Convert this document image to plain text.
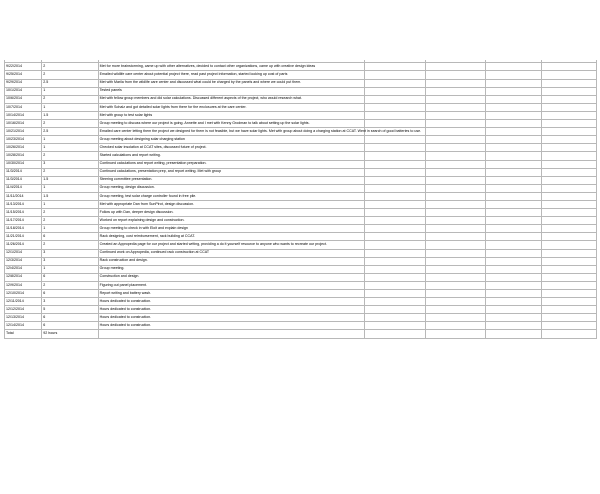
9/22/2014	2	Met for more brainstorming, came up with other alternatives, decided to contact other organizations, came up with creative design ideas				
9/25/2014	2	Emailed wildlife care center about potential project there, read past project information, started looking up cost of parts				
9/29/2014	2.5	Met with Marila from the wildlife care center and discussed what could be charged by the panels and where we could put them.				
10/1/2014	1	Tested panels				
10/6/2014	2	Met with fellow group members and did solar calculations. Discussed different aspects of the project, who would research what.				
10/7/2014	1	Met with Sohalz and got detailed solar lights from there for the enclosures at the care center.				
10/14/2014	1.5	Met with group to test solar lights				
10/16/2014	2	Group meeting to discuss where our project is going. Annette and I met with Kenny Grodman to talk about setting up the solar lights.				
10/21/2014	2.5	Emailed care center letting them the project we designed for them is not feasible, but we have solar lights. Met with group about doing a charging station at CCAT. Went in search of good batteries to use.				
10/23/2014	1	Group meeting about designing solar charging station				
10/26/2014	1	Checked solar insolation at CCAT sites, discussed future of project.				
10/28/2014	2	Started calculations and report writing.				
10/30/2014	3	Continued calculations and report writing, presentation preparation.				
11/3/2014	2	Continued calculations, presentation prep, and report writing. Met with group				
11/3/2014	1.5	Steering committee presentation.				
11/4/2014	1	Group meeting, design discussion.				
11/11/2014	1.5	Group meeting, test solar charge controller found in free pile.				
11/13/2014	1	Met with appropriate Dan from SunPirot, design discussion.				
11/15/2014	2	Follow up with Dan, deeper design discussion.				
11/17/2014	2	Worked on report explaining design and construction.				
11/18/2014	1	Group meeting to check in with Eloit and explain design				
11/21/2014	6	Rack designing, cost reimbursement, rack building at CCAT.				
11/26/2014	2	Created an Appropedia page for our project and started writing, providing a do it yourself resource to anyone who wants to recreate our project.				
12/1/2014	3	Continued work on Appropedia, continued rack construction at CCAT				
12/3/2014	3	Rack construction and design.				
12/4/2014	1	Group meeting.				
12/8/2014	6	Construction and design.				
12/9/2014	2	Figuring out panel placement.				
12/10/2014	6	Report writing and battery wash.				
12/11/2014	3	Hours dedicated to construction.				
12/12/2014	5	Hours dedicated to construction.				
12/13/2014	6	Hours dedicated to construction.				
12/14/2014	6	Hours dedicated to construction.				
Total	92 hours					
